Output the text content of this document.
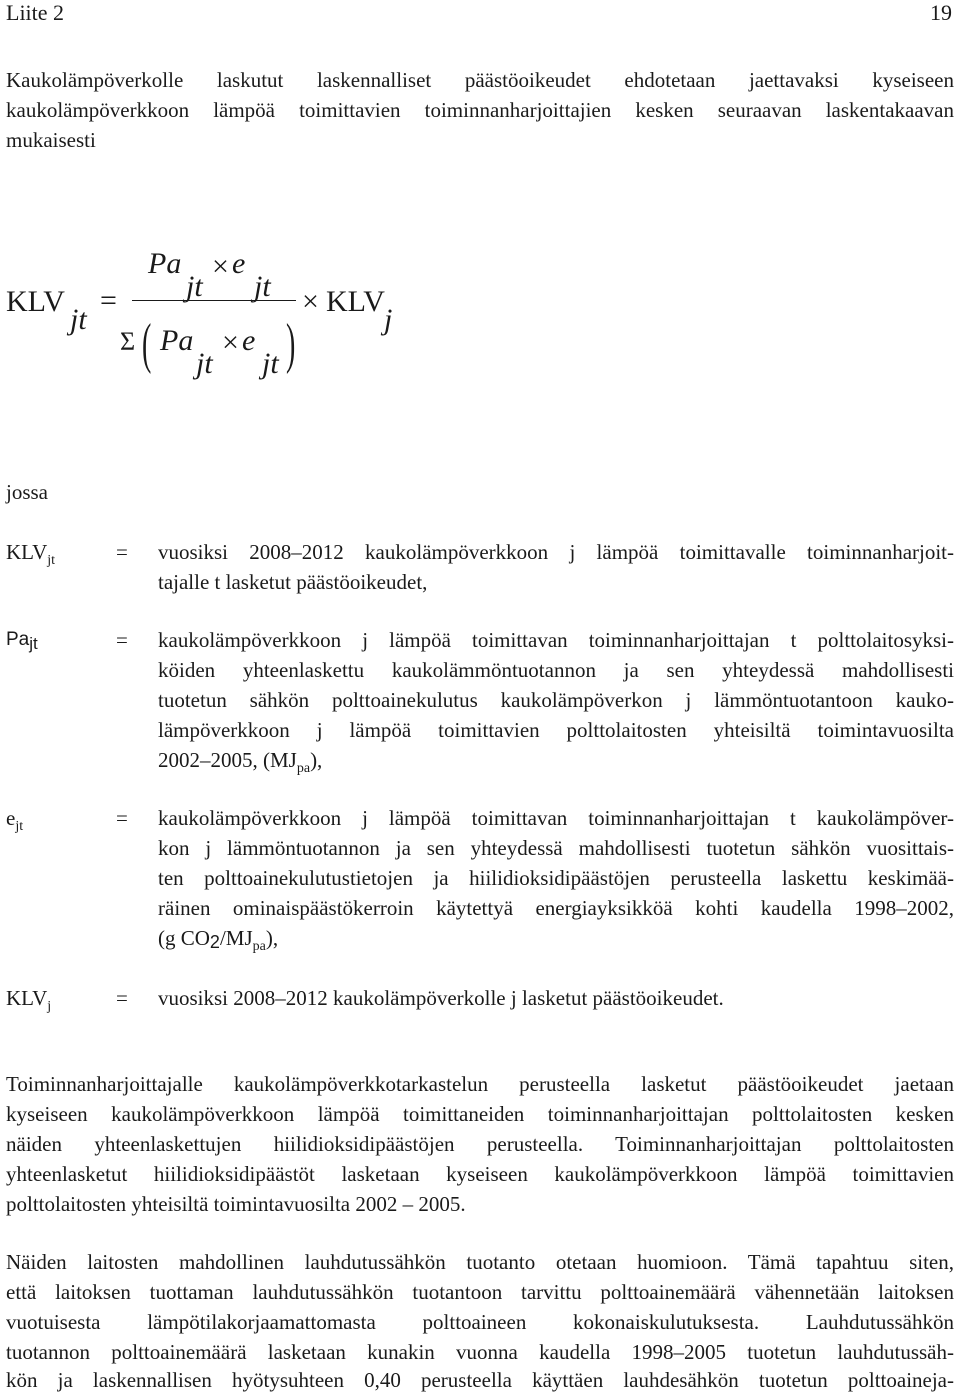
Liite 2	19
Kaukolämpöverkolle laskutut laskennalliset päästöoikeudet ehdotetaan jaettavaksi kyseiseen
kaukolämpöverkkoon lämpöä toimittavien toiminnanharjoittajien kesken seuraavan laskentakaavan
mukaisesti
KLV
jt
=
Pa
jt
× e
jt
Σ ( Pa
jt
× e
jt )
× KLV
j
jossa
$KLV_{jt}$	= vuosiksi 2008–2012 kaukolämpöverkkoon j lämpöä toimittavalle toiminnanharjoit-
tajalle t lasketut päästöoikeudet,
Pajt	= kaukolämpöverkkoon j lämpöä toimittavan toiminnanharjoittajan t polttolaitosyksi-
köiden yhteenlaskettu kaukolämmöntuotannon ja sen yhteydessä mahdollisesti
tuotetun sähkön polttoainekulutus kaukolämpöverkon j lämmöntuotantoon kauko-
lämpöverkkoon j lämpöä toimittavien polttolaitosten yhteisiltä toimintavuosilta
2002–2005, $(MJ_{pa})$,
$e_{jt}$	= kaukolämpöverkkoon j lämpöä toimittavan toiminnanharjoittajan t kaukolämpöver-
kon j lämmöntuotannon ja sen yhteydessä mahdollisesti tuotetun sähkön vuosittais-
ten polttoainekulutustietojen ja hiilidioksidipäästöjen perusteella laskettu keskimää-
räinen ominaispäästökerroin käytettyä energiayksikköä kohti kaudella 1998–2002,
(g $CO2/MJ_{pa}$),
$KLV_j$	= vuosiksi 2008–2012 kaukolämpöverkolle j lasketut päästöoikeudet.
Toiminnanharjoittajalle kaukolämpöverkkotarkastelun perusteella lasketut päästöoikeudet jaetaan
kyseiseen kaukolämpöverkkoon lämpöä toimittaneiden toiminnanharjoittajan polttolaitosten kesken
näiden yhteenlaskettujen hiilidioksidipäästöjen perusteella. Toiminnanharjoittajan polttolaitosten
yhteenlasketut hiilidioksidipäästöt lasketaan kyseiseen kaukolämpöverkkoon lämpöä toimittavien
polttolaitosten yhteisiltä toimintavuosilta 2002 – 2005.
Näiden laitosten mahdollinen lauhdutussähkön tuotanto otetaan huomioon. Tämä tapahtuu siten,
että laitoksen tuottaman lauhdutussähkön tuotantoon tarvittu polttoainemäärä vähennetään laitoksen
vuotuisesta lämpötilakorjaamattomasta polttoaineen kokonaiskulutuksesta. Lauhdutussähkön
tuotannon polttoainemäärä lasketaan kunakin vuonna kaudella 1998–2005 tuotetun lauhdutussäh-
kön ja laskennallisen hyötysuhteen 0,40 perusteella käyttäen lauhdesähkön tuotetun polttoaineja-
